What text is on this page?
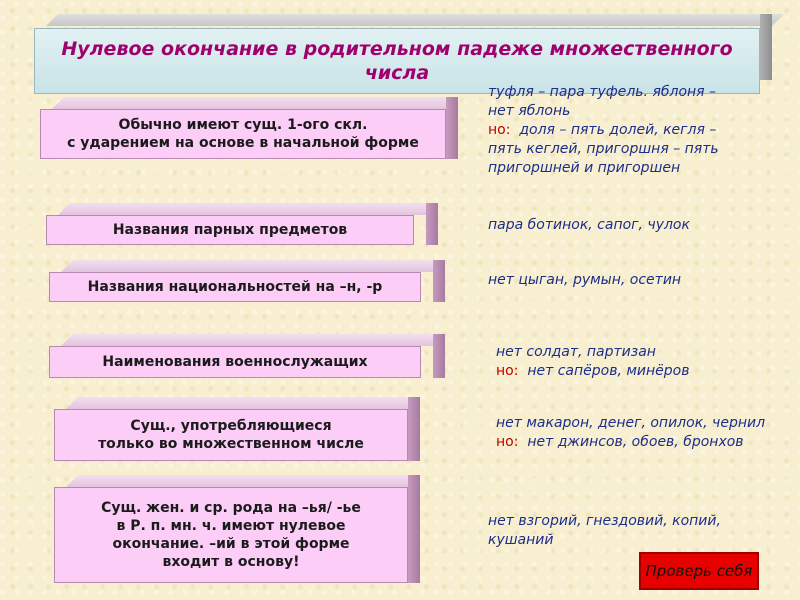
Нулевое окончание в родительном падеже множественного
числа
Обычно имеют сущ. 1-ого скл.
с ударением на основе в начальной форме
Названия парных предметов
Названия национальностей на –н, -р
Наименования военнослужащих
Сущ., употребляющиеся
только во множественном числе
Сущ. жен. и ср. рода на –ья/ -ье
в Р. п. мн. ч. имеют нулевое
окончание. –ий в этой форме
входит в основу!
туфля – пара туфель. яблоня –
нет яблонь
но: доля – пять долей, кегля –
пять кеглей, пригоршня – пять
пригоршней и пригоршен
пара ботинок, сапог, чулок
нет цыган, румын, осетин
нет солдат, партизан
но: нет сапёров, минёров
нет макарон, денег, опилок, чернил
но: нет джинсов, обоев, бронхов
нет взгорий, гнездовий, копий,
кушаний
Проверь себя
